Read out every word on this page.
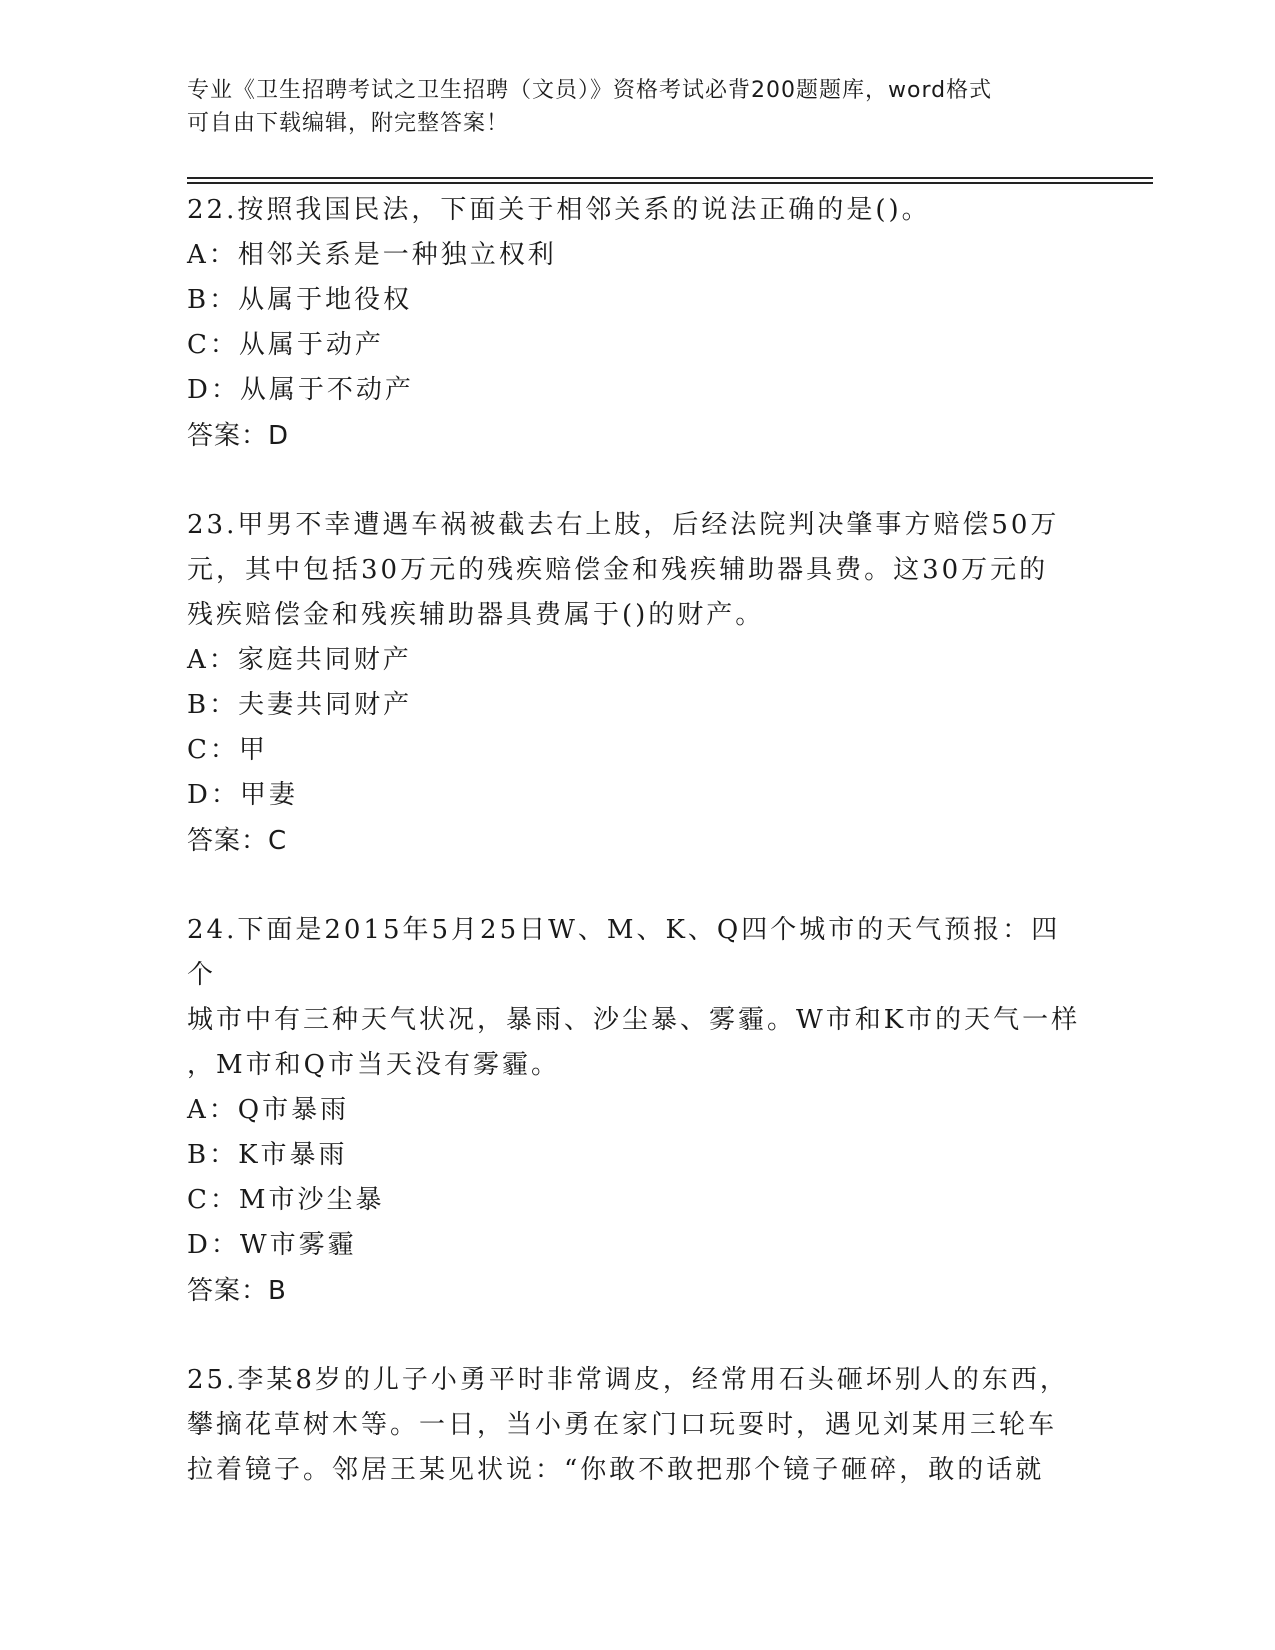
专业《卫生招聘考试之卫生招聘（文员）》资格考试必背200题题库，word格式
可自由下载编辑，附完整答案！

22.按照我国民法，下面关于相邻关系的说法正确的是()。

A：相邻关系是一种独立权利

B：从属于地役权

C：从属于动产

D：从属于不动产

答案：D

23.甲男不幸遭遇车祸被截去右上肢，后经法院判决肇事方赔偿50万

元，其中包括30万元的残疾赔偿金和残疾辅助器具费。这30万元的

残疾赔偿金和残疾辅助器具费属于()的财产。

A：家庭共同财产

B：夫妻共同财产

C：甲

D：甲妻

答案：C

24.下面是2015年5月25日W、M、K、Q四个城市的天气预报：四个

城市中有三种天气状况，暴雨、沙尘暴、雾霾。W市和K市的天气一样

，M市和Q市当天没有雾霾。

A：Q市暴雨

B：K市暴雨

C：M市沙尘暴

D：W市雾霾

答案：B

25.李某8岁的儿子小勇平时非常调皮，经常用石头砸坏别人的东西，

攀摘花草树木等。一日，当小勇在家门口玩耍时，遇见刘某用三轮车

拉着镜子。邻居王某见状说：“你敢不敢把那个镜子砸碎，敢的话就
